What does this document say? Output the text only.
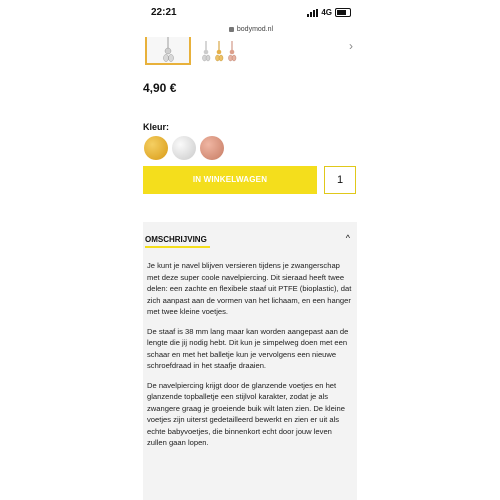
22:21	4G
bodymod.nl
›
4,90 €
Kleur:
IN WINKELWAGEN	1
OMSCHRIJVING	^

Je kunt je navel blijven versieren tijdens je zwangerschap met deze super coole navelpiercing. Dit sieraad heeft twee delen: een zachte en flexibele staaf uit PTFE (bioplastic), dat zich aanpast aan de vormen van het lichaam, en een hanger met twee kleine voetjes.

De staaf is 38 mm lang maar kan worden aangepast aan de lengte die jij nodig hebt. Dit kun je simpelweg doen met een schaar en met het balletje kun je vervolgens een nieuwe schroefdraad in het staafje draaien.

De navelpiercing krijgt door de glanzende voetjes en het glanzende topballetje een stijlvol karakter, zodat je als zwangere graag je groeiende buik wilt laten zien. De kleine voetjes zijn uiterst gedetailleerd bewerkt en zien er uit als echte babyvoetjes, die binnenkort echt door jouw leven zullen gaan lopen.
